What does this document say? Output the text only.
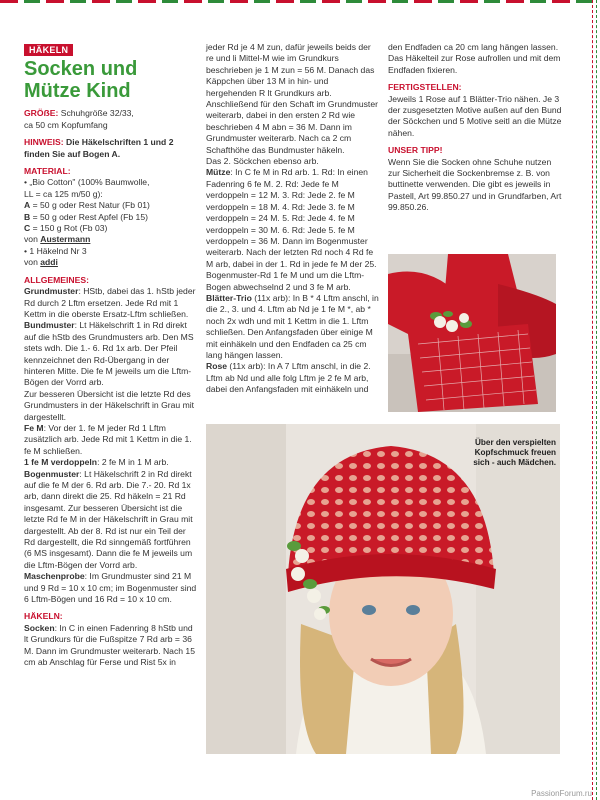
HÄKELN
Socken und
Mütze Kind

GRÖẞE: Schuhgröße 32/33,

ca 50 cm Kopfumfang

HINWEIS: Die Häkelschriften 1 und 2 finden Sie auf Bogen A.

MATERIAL:

• „Bio Cotton" (100% Baumwolle,

LL = ca 125 m/50 g):

A = 50 g oder Rest Natur (Fb 01)

B = 50 g oder Rest Apfel (Fb 15)

C = 150 g Rot (Fb 03)

von Austermann

• 1 Häkelnd Nr 3

von addi

ALLGEMEINES:

Grundmuster: HStb, dabei das 1. hStb jeder Rd durch 2 Lftm ersetzen. Jede Rd mit 1 Kettm in die oberste Ersatz-Lftm schließen.

Bundmuster: Lt Häkelschrift 1 in Rd direkt auf die hStb des Grundmusters arb. Den MS stets wdh. Die 1.- 6. Rd 1x arb. Der Pfeil kennzeichnet den Rd-Übergang in der hinteren Mitte. Die fe M jeweils um die Lftm-Bögen der Vorrd arb.

Zur besseren Übersicht ist die letzte Rd des Grundmusters in der Häkelschrift in Grau mit dargestellt.

Fe M: Vor der 1. fe M jeder Rd 1 Lftm zusätzlich arb. Jede Rd mit 1 Kettm in die 1. fe M schließen.

1 fe M verdoppeln: 2 fe M in 1 M arb.

Bogenmuster: Lt Häkelschrift 2 in Rd direkt auf die fe M der 6. Rd arb. Die 7.- 20. Rd 1x arb, dann direkt die 25. Rd häkeln = 21 Rd insgesamt. Zur besseren Übersicht ist die letzte Rd fe M in der Häkelschrift in Grau mit dargestellt. Ab der 8. Rd ist nur ein Teil der Rd dargestellt, die Rd sinngemäß fortführen (6 MS insgesamt). Dann die fe M jeweils um die Lftm-Bögen der Vorrd arb.

Maschenprobe: Im Grundmuster sind 21 M und 9 Rd = 10 x 10 cm; im Bogenmuster sind 6 Lftm-Bögen und 16 Rd = 10 x 10 cm.

HÄKELN:

Socken: In C in einen Fadenring 8 hStb und lt Grundkurs für die Fußspitze 7 Rd arb = 36 M. Dann im Grundmuster weiterarb. Nach 15 cm ab Anschlag für Ferse und Rist 5x in

jeder Rd je 4 M zun, dafür jeweils beids der re und li Mittel-M wie im Grundkurs beschrieben je 1 M zun = 56 M. Danach das Käppchen über 13 M in hin- und hergehenden R lt Grundkurs arb. Anschließend für den Schaft im Grundmuster weiterarb, dabei in den ersten 2 Rd wie beschrieben 4 M abn = 36 M. Dann im Grundmuster weiterarb. Nach ca 2 cm Schafthöhe das Bundmuster häkeln.

Das 2. Söckchen ebenso arb.

Mütze: In C fe M in Rd arb. 1. Rd: In einen Fadenring 6 fe M. 2. Rd: Jede fe M verdoppeln = 12 M. 3. Rd: Jede 2. fe M verdoppeln = 18 M. 4. Rd: Jede 3. fe M verdoppeln = 24 M. 5. Rd: Jede 4. fe M verdoppeln = 30 M. 6. Rd: Jede 5. fe M verdoppeln = 36 M. Dann im Bogenmuster weiterarb. Nach der letzten Rd noch 4 Rd fe M arb, dabei in der 1. Rd in jede fe M der 25. Bogenmuster-Rd 1 fe M und um die Lftm-Bogen abwechselnd 2 und 3 fe M arb.

Blätter-Trio (11x arb): In B * 4 Lftm anschl, in die 2., 3. und 4. Lftm ab Nd je 1 fe M *, ab * noch 2x wdh und mit 1 Kettm in die 1. Lftm schließen. Den Anfangsfaden über einige M mit einhäkeln und den Endfaden ca 25 cm lang hängen lassen.

Rose (11x arb): In A 7 Lftm anschl, in die 2. Lftm ab Nd und alle folg Lftm je 2 fe M arb, dabei den Anfangsfaden mit einhäkeln und

den Endfaden ca 20 cm lang hängen lassen. Das Häkelteil zur Rose aufrollen und mit dem Endfaden fixieren.

FERTIGSTELLEN:

Jeweils 1 Rose auf 1 Blätter-Trio nähen. Je 3 der zusgesetzten Motive außen auf den Bund der Söckchen und 5 Motive seitl an die Mütze nähen.

UNSER TIPP!

Wenn Sie die Socken ohne Schuhe nutzen zur Sicherheit die Sockenbremse z. B. von buttinette verwenden. Die gibt es jeweils in Pastell, Art 99.850.27 und in Grundfarben, Art 99.850.26.

Über den verspielten Kopfschmuck freuen sich - auch Mädchen.
PassionForum.ru
